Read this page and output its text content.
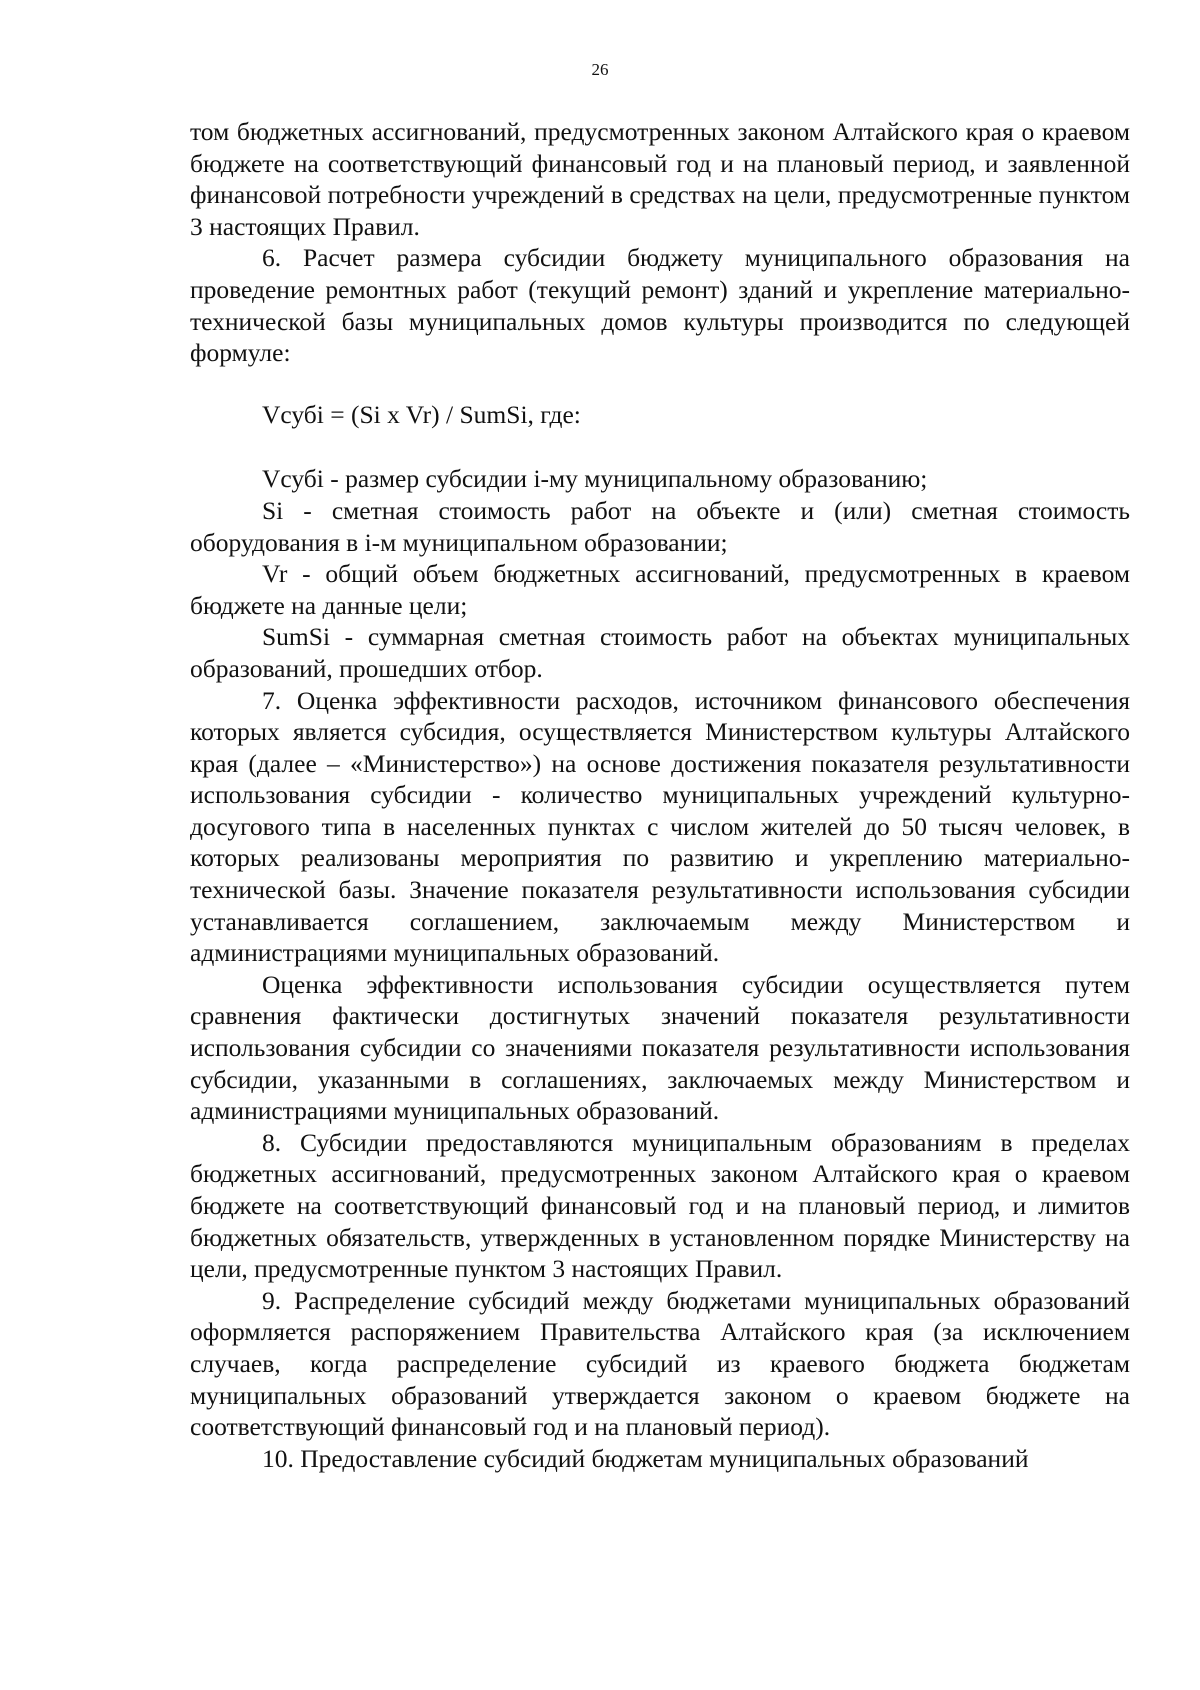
26

том бюджетных ассигнований, предусмотренных законом Алтайского края о краевом бюджете на соответствующий финансовый год и на плановый период, и заявленной финансовой потребности учреждений в средствах на цели, предусмотренные пунктом 3 настоящих Правил.

6. Расчет размера субсидии бюджету муниципального образования на проведение ремонтных работ (текущий ремонт) зданий и укрепление материально-технической базы муниципальных домов культуры производится по следующей формуле:

Vсубi = (Si x Vr) / SumSi, где:

Vсубi - размер субсидии i-му муниципальному образованию;

Si - сметная стоимость работ на объекте и (или) сметная стоимость оборудования в i-м муниципальном образовании;

Vr - общий объем бюджетных ассигнований, предусмотренных в краевом бюджете на данные цели;

SumSi - суммарная сметная стоимость работ на объектах муниципальных образований, прошедших отбор.

7. Оценка эффективности расходов, источником финансового обеспечения которых является субсидия, осуществляется Министерством культуры Алтайского края (далее – «Министерство») на основе достижения показателя результативности использования субсидии - количество муниципальных учреждений культурно-досугового типа в населенных пунктах с числом жителей до 50 тысяч человек, в которых реализованы мероприятия по развитию и укреплению материально-технической базы. Значение показателя результативности использования субсидии устанавливается соглашением, заключаемым между Министерством и администрациями муниципальных образований.

Оценка эффективности использования субсидии осуществляется путем сравнения фактически достигнутых значений показателя результативности использования субсидии со значениями показателя результативности использования субсидии, указанными в соглашениях, заключаемых между Министерством и администрациями муниципальных образований.

8. Субсидии предоставляются муниципальным образованиям в пределах бюджетных ассигнований, предусмотренных законом Алтайского края о краевом бюджете на соответствующий финансовый год и на плановый период, и лимитов бюджетных обязательств, утвержденных в установленном порядке Министерству на цели, предусмотренные пунктом 3 настоящих Правил.

9. Распределение субсидий между бюджетами муниципальных образований оформляется распоряжением Правительства Алтайского края (за исключением случаев, когда распределение субсидий из краевого бюджета бюджетам муниципальных образований утверждается законом о краевом бюджете на соответствующий финансовый год и на плановый период).

10. Предоставление субсидий бюджетам муниципальных образований
